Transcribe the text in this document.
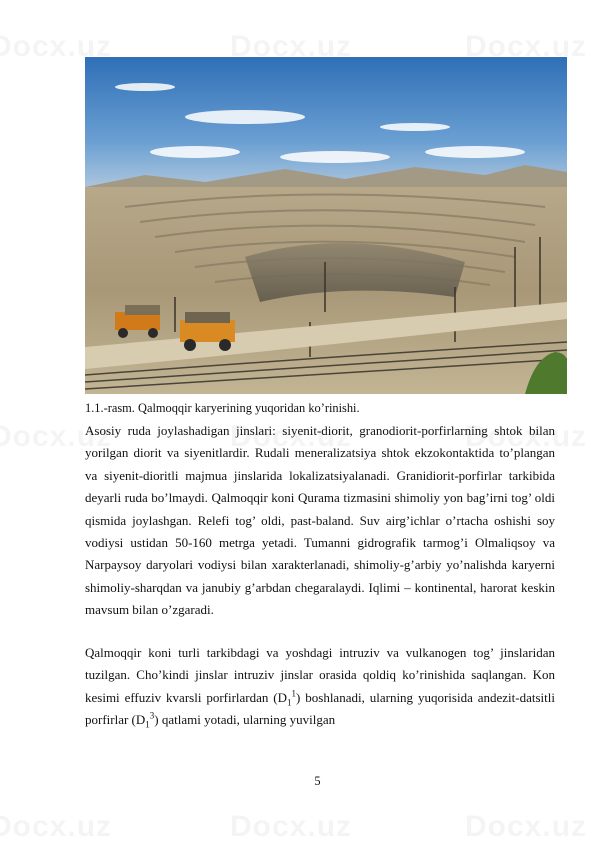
1.1.-rasm. Qalmoqqir karyerining yuqoridan ko’rinishi.

Asosiy ruda joylashadigan jinslari: siyenit-diorit, granodiorit-porfirlarning shtok bilan yorilgan diorit va siyenitlardir. Rudali meneralizatsiya shtok ekzokontaktida to’plangan va siyenit-dioritli majmua jinslarida lokalizatsiyalanadi. Granidiorit-porfirlar tarkibida deyarli ruda bo’lmaydi. Qalmoqqir koni Qurama tizmasini shimoliy yon bag’irni tog’ oldi qismida joylashgan. Relefi tog’ oldi, past-baland. Suv airg’ichlar o’rtacha oshishi soy vodiysi ustidan 50-160 metrga yetadi. Tumanni gidrografik tarmog’i Olmaliqsoy va Narpaysoy daryolari vodiysi bilan xarakterlanadi, shimoliy-g’arbiy yo’nalishda karyerni shimoliy-sharqdan va janubiy g’arbdan chegaralaydi. Iqlimi – kontinental, harorat keskin mavsum bilan o’zgaradi.

Qalmoqqir koni turli tarkibdagi va yoshdagi intruziv va vulkanogen tog’ jinslaridan tuzilgan. Cho’kindi jinslar intruziv jinslar orasida qoldiq ko’rinishida saqlangan. Kon kesimi effuziv kvarsli porfirlardan $(D_1^1)$ boshlanadi, ularning yuqorisida andezit-datsitli porfirlar $(D_1^3)$ qatlami yotadi, ularning yuvilgan

5
